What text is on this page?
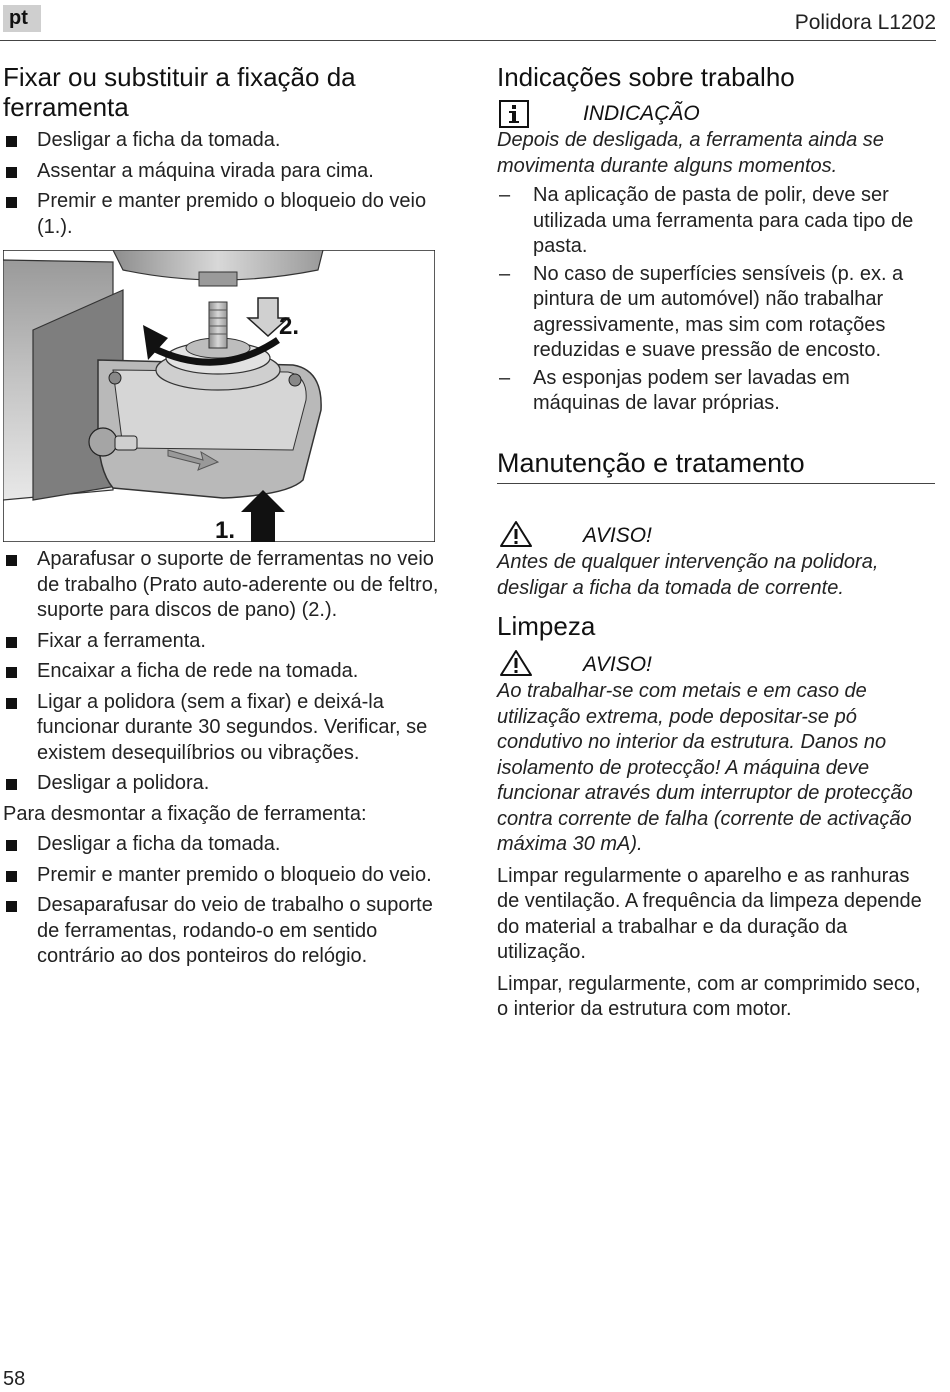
pt	Polidora L1202
Fixar ou substituir a fixação da ferramenta
Desligar a ficha da tomada.
Assentar a máquina virada para cima.
Premir e manter premido o bloqueio do veio (1.).
2.
1.
Aparafusar o suporte de ferramentas no veio de trabalho (Prato auto-aderente ou de feltro, suporte para discos de pano) (2.).
Fixar a ferramenta.
Encaixar a ficha de rede na tomada.
Ligar a polidora (sem a fixar) e deixá-la funcionar durante 30 segundos. Verificar, se existem desequilíbrios ou vibrações.
Desligar a polidora.

Para desmontar a fixação de ferramenta:

Desligar a ficha da tomada.
Premir e manter premido o bloqueio do veio.
Desaparafusar do veio de trabalho o suporte de ferramentas, rodando-o em sentido contrário ao dos ponteiros do relógio.
Indicações sobre trabalho
INDICAÇÃO

Depois de desligada, a ferramenta ainda se movimenta durante alguns momentos.

– Na aplicação de pasta de polir, deve ser utilizada uma ferramenta para cada tipo de pasta.
– No caso de superfícies sensíveis (p. ex. a pintura de um automóvel) não trabalhar agressivamente, mas sim com rotações reduzidas e suave pressão de encosto.
– As esponjas podem ser lavadas em máquinas de lavar próprias.
Manutenção e tratamento
AVISO!

Antes de qualquer intervenção na polidora, desligar a ficha da tomada de corrente.

Limpeza
AVISO!

Ao trabalhar-se com metais e em caso de utilização extrema, pode depositar-se pó condutivo no interior da estrutura. Danos no isolamento de protecção! A máquina deve funcionar através dum interruptor de protecção contra corrente de falha (corrente de activação máxima 30 mA).

Limpar regularmente o aparelho e as ranhuras de ventilação. A frequência da limpeza depende do material a trabalhar e da duração da utilização.

Limpar, regularmente, com ar comprimido seco, o interior da estrutura com motor.

58
